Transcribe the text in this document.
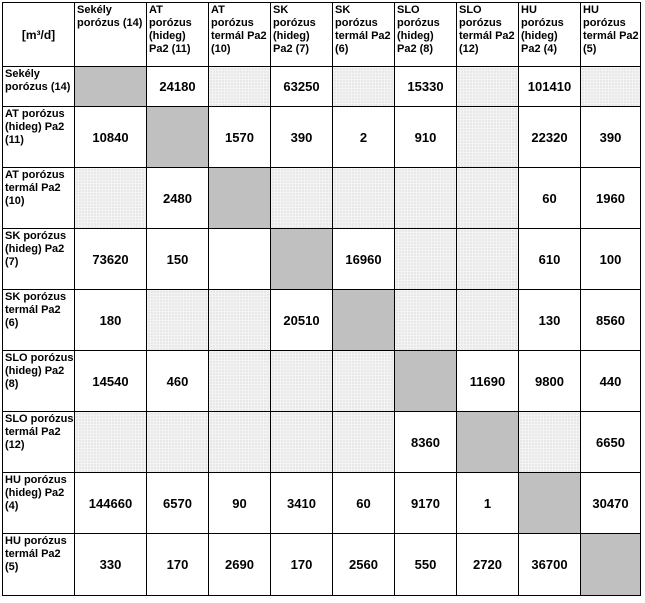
[m³/d]	Sekély porózus (14)	AT porózus (hideg) Pa2 (11)	AT porózus termál Pa2 (10)	SK porózus (hideg) Pa2 (7)	SK porózus termál Pa2 (6)	SLO porózus (hideg) Pa2 (8)	SLO porózus termál Pa2 (12)	HU porózus (hideg) Pa2 (4)	HU porózus termál Pa2 (5)
Sekély porózus (14)		24180		63250		15330		101410	
AT porózus (hideg) Pa2 (11)	10840		1570	390	2	910		22320	390
AT porózus termál Pa2 (10)		2480						60	1960
SK porózus (hideg) Pa2 (7)	73620	150			16960			610	100
SK porózus termál Pa2 (6)	180			20510				130	8560
SLO porózus (hideg) Pa2 (8)	14540	460					11690	9800	440
SLO porózus termál Pa2 (12)						8360			6650
HU porózus (hideg) Pa2 (4)	144660	6570	90	3410	60	9170	1		30470
HU porózus termál Pa2 (5)	330	170	2690	170	2560	550	2720	36700	
